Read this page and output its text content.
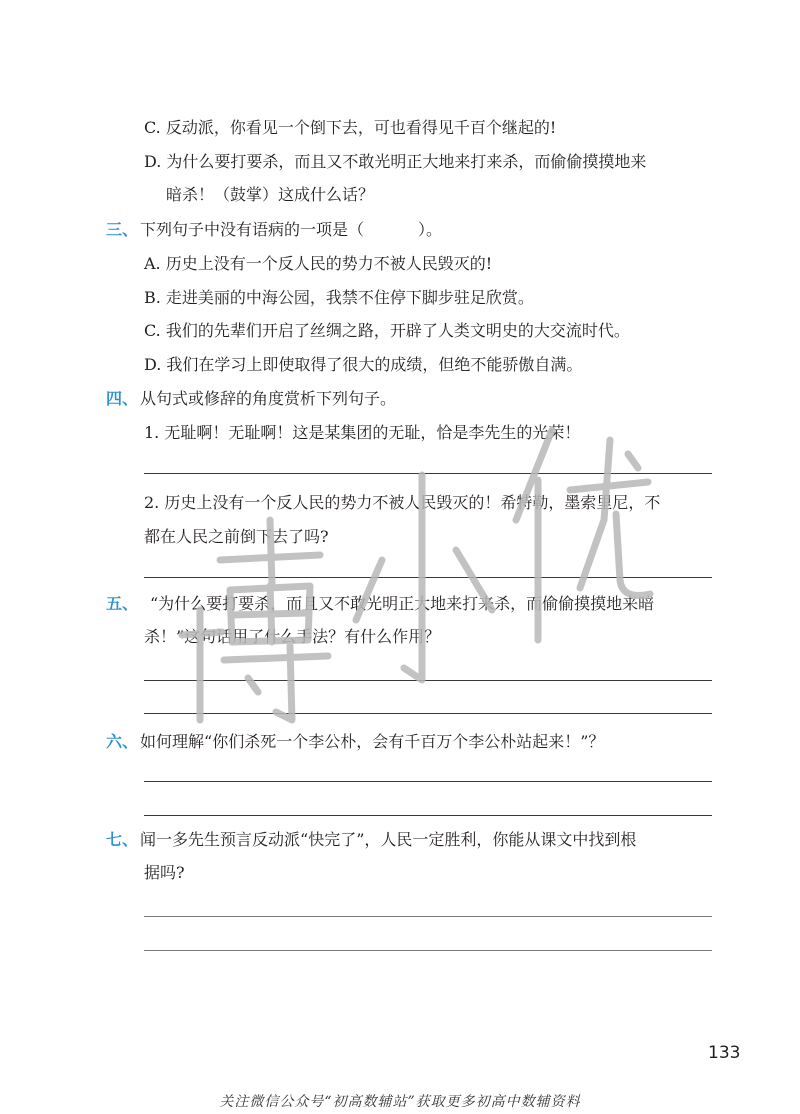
C. 反动派，你看见一个倒下去，可也看得见千百个继起的!
D. 为什么要打要杀，而且又不敢光明正大地来打来杀，而偷偷摸摸地来
暗杀！（鼓掌）这成什么话？
三、 下列句子中没有语病的一项是（	）。
A. 历史上没有一个反人民的势力不被人民毁灭的!
B. 走进美丽的中海公园，我禁不住停下脚步驻足欣赏。
C. 我们的先辈们开启了丝绸之路，开辟了人类文明史的大交流时代。
D. 我们在学习上即使取得了很大的成绩，但绝不能骄傲自满。
四、 从句式或修辞的角度赏析下列句子。
1. 无耻啊！无耻啊！这是某集团的无耻，恰是李先生的光荣！
2. 历史上没有一个反人民的势力不被人民毁灭的！希特勒，墨索里尼，不
都在人民之前倒下去了吗?
五、 “为什么要打要杀，而且又不敢光明正大地来打来杀，而偷偷摸摸地来暗
杀！”这句话用了什么手法？有什么作用？
六、 如何理解“你们杀死一个李公朴，会有千百万个李公朴站起来！”？
七、 闻一多先生预言反动派“快完了”，人民一定胜利，你能从课文中找到根
据吗?
133
关注微信公众号“初高数辅站”获取更多初高中数辅资料
